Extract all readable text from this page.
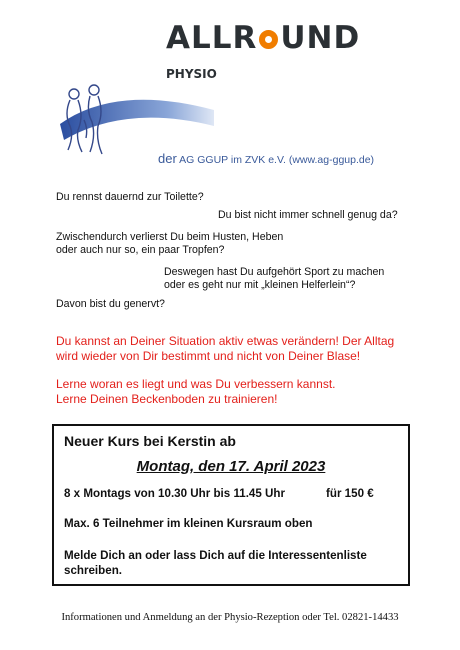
ALLR UND
PHYSIO
der AG GGUP im ZVK e.V. (www.ag-ggup.de)
Du rennst dauernd zur Toilette?
Du bist nicht immer schnell genug da?
Zwischendurch verlierst Du beim Husten, Heben
oder auch nur so, ein paar Tropfen?
Deswegen hast Du aufgehört Sport zu machen
oder es geht nur mit „kleinen Helferlein“?
Davon bist du genervt?
Du kannst an Deiner Situation aktiv etwas verändern! Der Alltag
wird wieder von Dir bestimmt und nicht von Deiner Blase!
Lerne woran es liegt und was Du verbessern kannst.
Lerne Deinen Beckenboden zu trainieren!
Neuer Kurs bei Kerstin ab
Montag, den 17. April 2023
8 x Montags von 10.30 Uhr bis 11.45 Uhr	für 150 €
Max. 6 Teilnehmer im kleinen Kursraum oben
Melde Dich an oder lass Dich auf die Interessentenliste
schreiben.
Informationen und Anmeldung an der Physio-Rezeption oder Tel. 02821-14433
